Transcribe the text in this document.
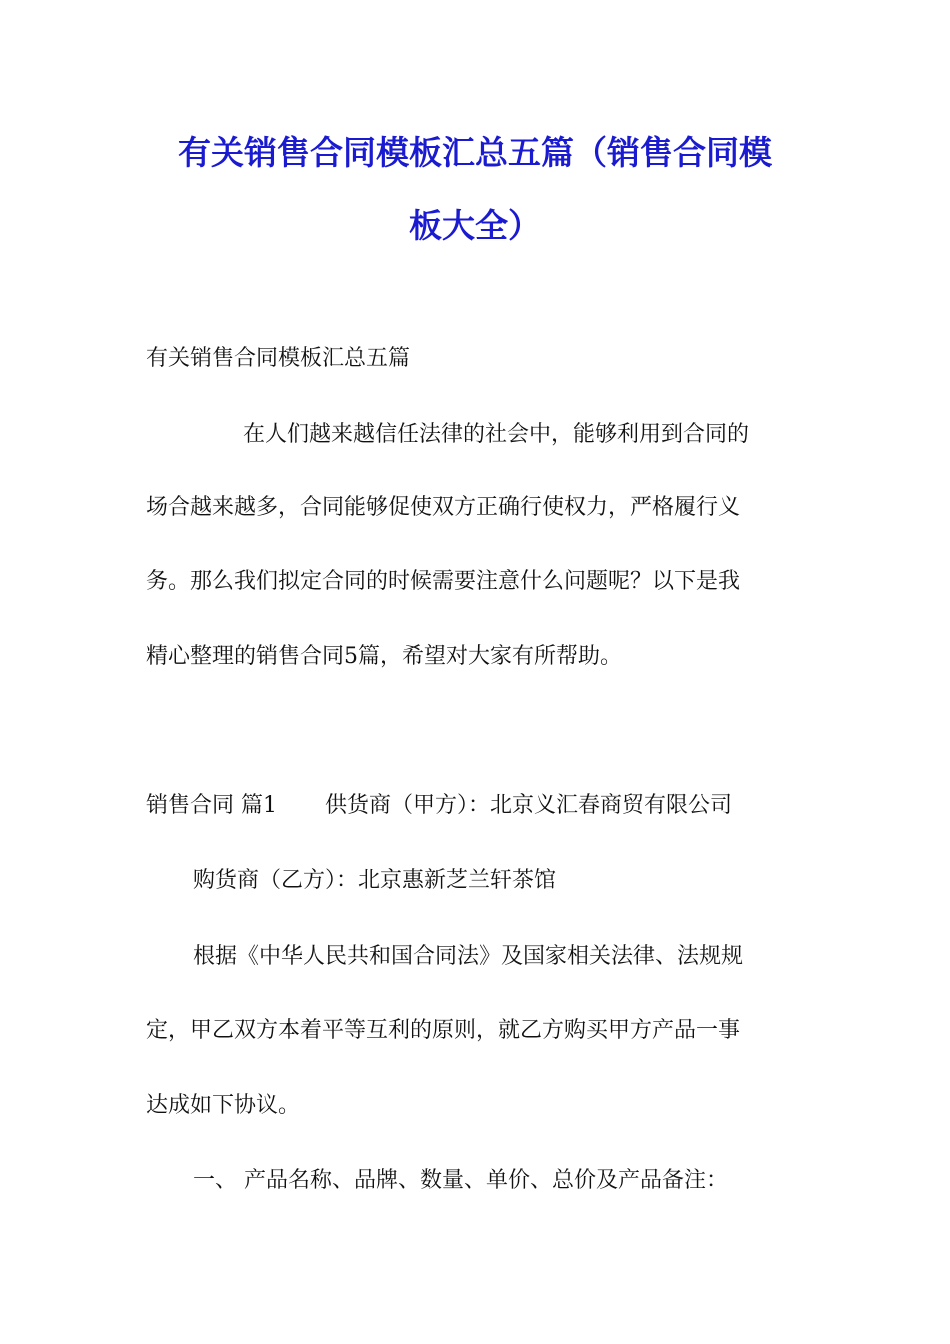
有关销售合同模板汇总五篇（销售合同模
板大全）
有关销售合同模板汇总五篇
在人们越来越信任法律的社会中，能够利用到合同的
场合越来越多，合同能够促使双方正确行使权力，严格履行义
务。那么我们拟定合同的时候需要注意什么问题呢？以下是我
精心整理的销售合同5篇，希望对大家有所帮助。
销售合同 篇1 供货商（甲方）：北京义汇春商贸有限公司
购货商（乙方）：北京惠新芝兰轩茶馆
根据《中华人民共和国合同法》及国家相关法律、法规规
定，甲乙双方本着平等互利的原则，就乙方购买甲方产品一事
达成如下协议。
一、 产品名称、品牌、数量、单价、总价及产品备注：
